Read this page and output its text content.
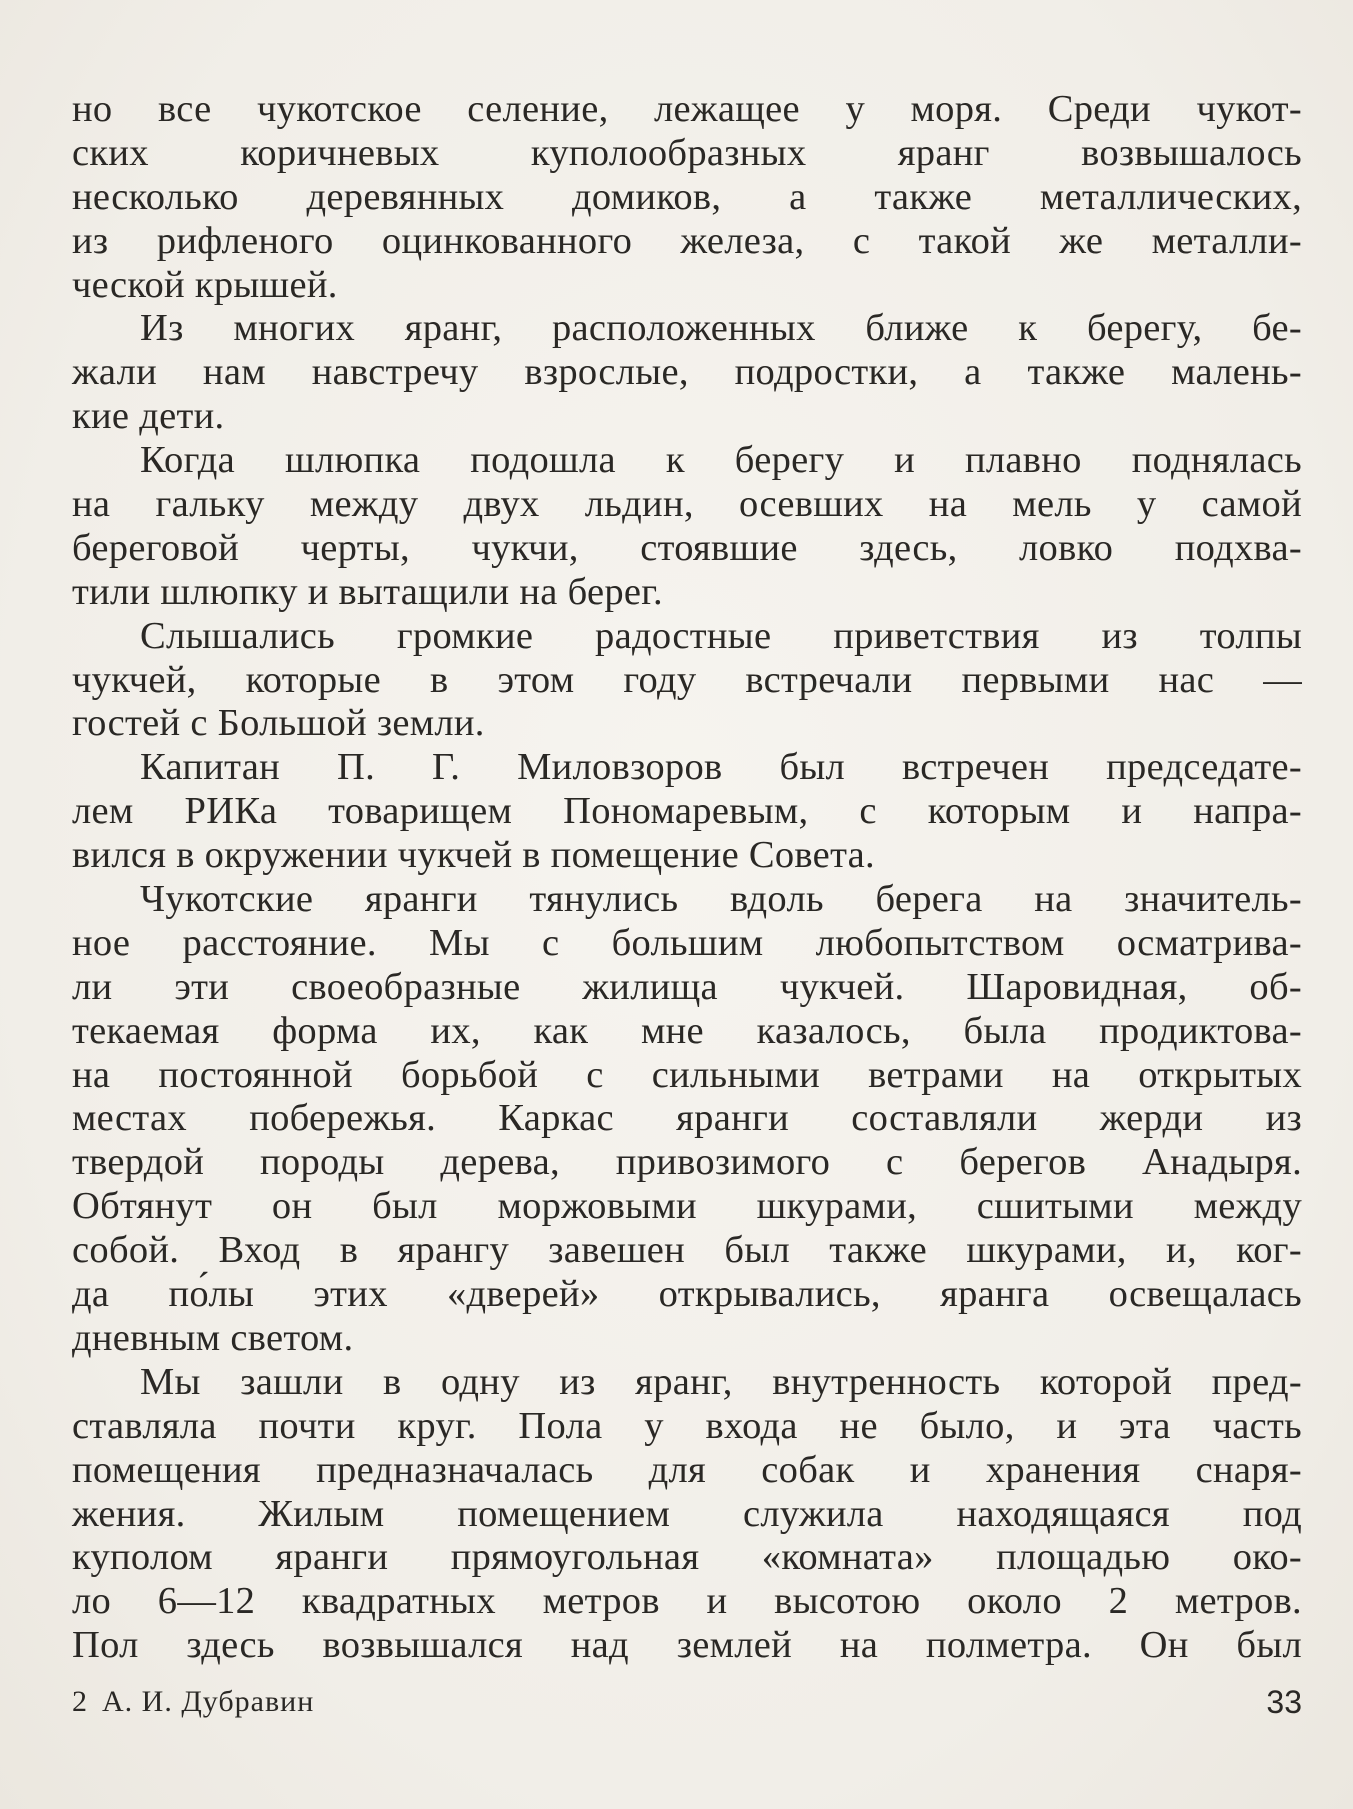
но все чукотское селение, лежащее у моря. Среди чукот-
ских коричневых куполообразных яранг возвышалось
несколько деревянных домиков, а также металлических,
из рифленого оцинкованного железа, с такой же металли-
ческой крышей.
Из многих яранг, расположенных ближе к берегу, бе-
жали нам навстречу взрослые, подростки, а также малень-
кие дети.
Когда шлюпка подошла к берегу и плавно поднялась
на гальку между двух льдин, осевших на мель у самой
береговой черты, чукчи, стоявшие здесь, ловко подхва-
тили шлюпку и вытащили на берег.
Слышались громкие радостные приветствия из толпы
чукчей, которые в этом году встречали первыми нас —
гостей с Большой земли.
Капитан П. Г. Миловзоров был встречен председате-
лем РИКа товарищем Пономаревым, с которым и напра-
вился в окружении чукчей в помещение Совета.
Чукотские яранги тянулись вдоль берега на значитель-
ное расстояние. Мы с большим любопытством осматрива-
ли эти своеобразные жилища чукчей. Шаровидная, об-
текаемая форма их, как мне казалось, была продиктова-
на постоянной борьбой с сильными ветрами на открытых
местах побережья. Каркас яранги составляли жерди из
твердой породы дерева, привозимого с берегов Анадыря.
Обтянут он был моржовыми шкурами, сшитыми между
собой. Вход в ярангу завешен был также шкурами, и, ког-
да по́лы этих «дверей» открывались, яранга освещалась
дневным светом.
Мы зашли в одну из яранг, внутренность которой пред-
ставляла почти круг. Пола у входа не было, и эта часть
помещения предназначалась для собак и хранения снаря-
жения. Жилым помещением служила находящаяся под
куполом яранги прямоугольная «комната» площадью око-
ло 6—12 квадратных метров и высотою около 2 метров.
Пол здесь возвышался над землей на полметра. Он был
2 А. И. Дубравин	33
